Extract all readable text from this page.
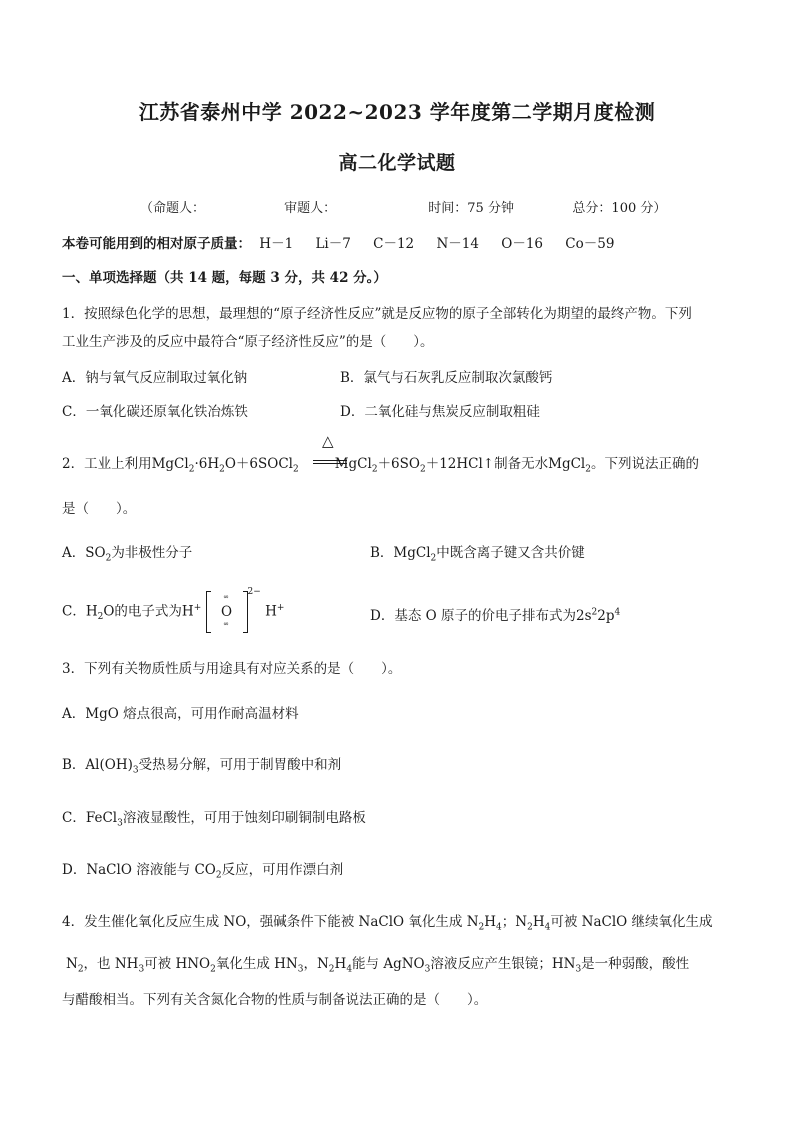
江苏省泰州中学 2022~2023 学年度第二学期月度检测
高二化学试题
（命题人：	审题人：	时间：75 分钟	总分：100 分）
本卷可能用到的相对原子质量： H－1 Li－7 C－12 N－14 O－16 Co－59
一、单项选择题（共 14 题，每题 3 分，共 42 分。）
1．按照绿色化学的思想，最理想的“原子经济性反应”就是反应物的原子全部转化为期望的最终产物。下列
工业生产涉及的反应中最符合“原子经济性反应”的是（　　）。
A．钠与氧气反应制取过氧化钠	B．氯气与石灰乳反应制取次氯酸钙
C．一氧化碳还原氧化铁冶炼铁	D．二氧化硅与焦炭反应制取粗硅
△
2．工业上利用$MgCl_2\cdot 6H_2O+6SOCl_2$	$MgCl_2+6SO_2+12HCl↑$制备无水MgCl$_2$。下列说法正确的
是（　　）。
A．$SO_2$为非极性分子	B．MgCl$_2$中既含离子键又含共价键
C．$H_2O$的电子式为H+
∞
O
∞
$^{2-}$ H+	D．基态 O 原子的价电子排布式为$2s^22p^4$
3．下列有关物质性质与用途具有对应关系的是（　　）。
A．MgO 熔点很高，可用作耐高温材料
B．$Al(OH)_3$受热易分解，可用于制胃酸中和剂
C．FeCl$_3$溶液显酸性，可用于蚀刻印刷铜制电路板
D．NaClO 溶液能与 $CO_2$反应，可用作漂白剂
4．发生催化氧化反应生成 NO，强碱条件下能被 NaClO 氧化生成 $N_2H_4$；$N_2H_4$可被 NaClO 继续氧化生成
$N_2$，也 $NH_3$可被 $HNO_2$氧化生成 $HN_3$，$N_2H_4$能与 AgNO$_3$溶液反应产生银镜；$HN_3$是一种弱酸，酸性
与醋酸相当。下列有关含氮化合物的性质与制备说法正确的是（　　）。
